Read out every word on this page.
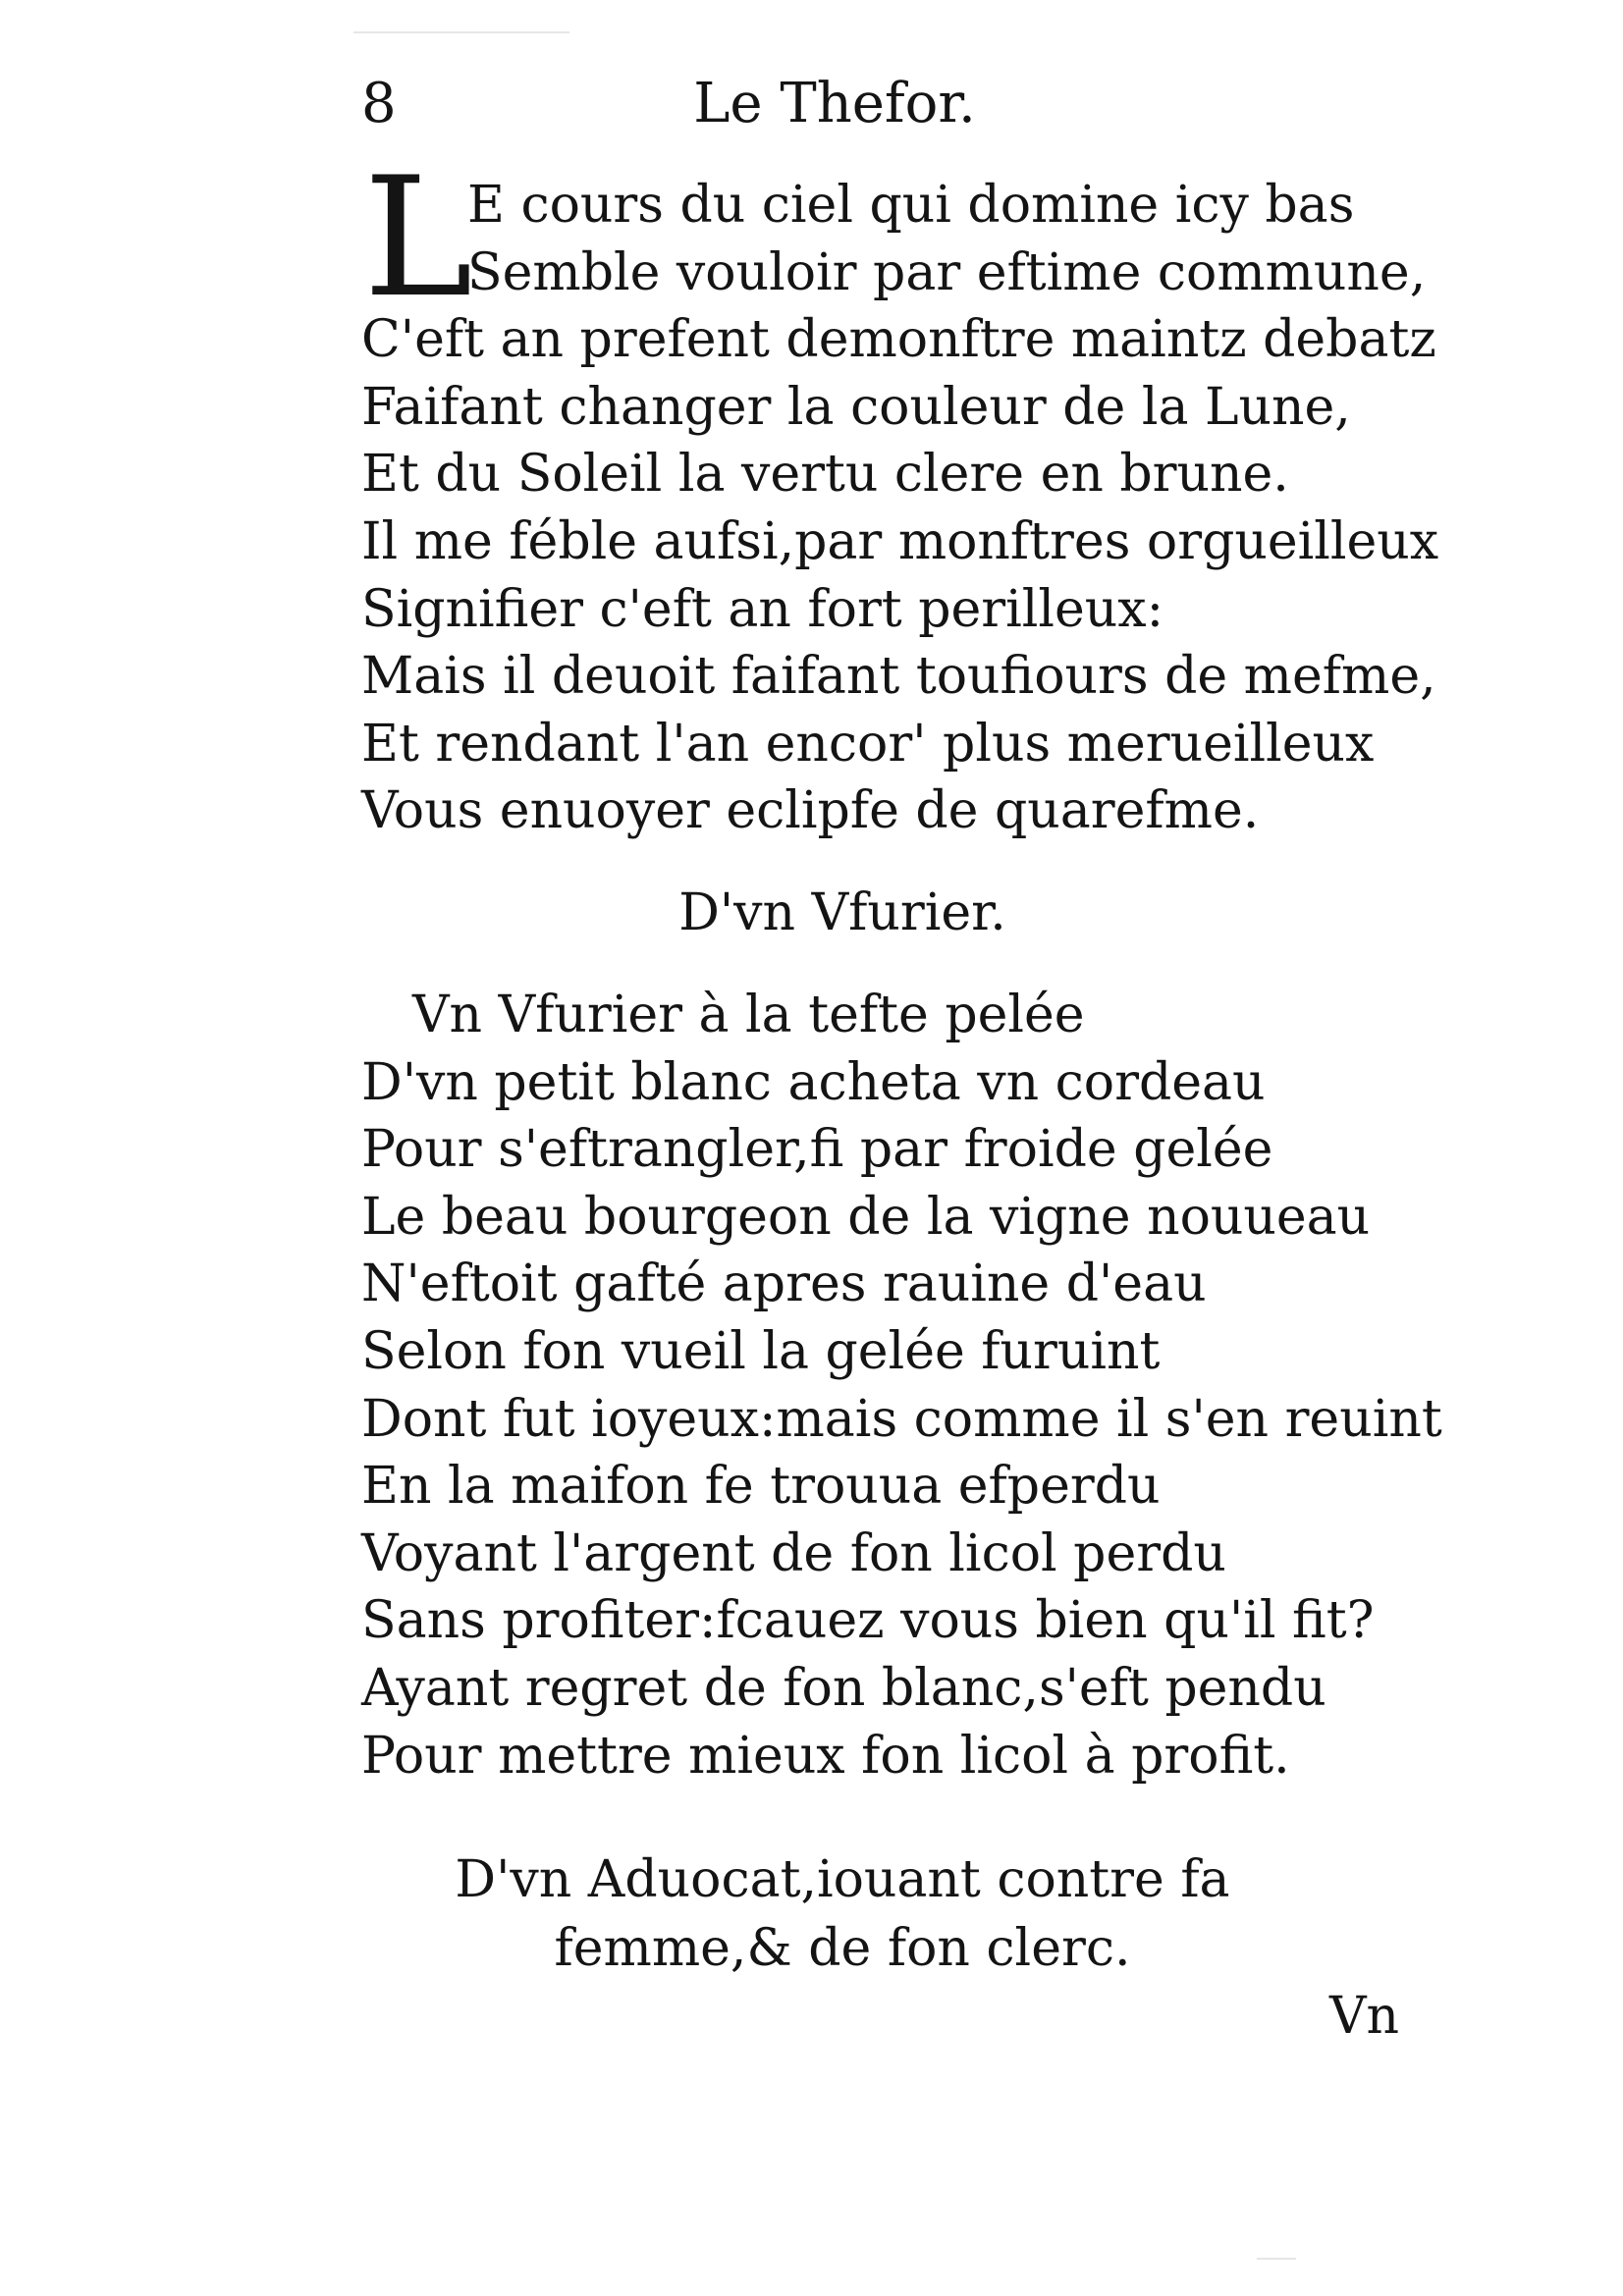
8	Le Thefor.
L
E cours du ciel qui domine icy bas
Semble vouloir par eftime commune,
C'eft an prefent demonftre maintz debatz
Faifant changer la couleur de la Lune,
Et du Soleil la vertu clere en brune.
Il me féble aufsi,par monftres orgueilleux
Signifier c'eft an fort perilleux:
Mais il deuoit faifant toufiours de mefme,
Et rendant l'an encor' plus merueilleux
Vous enuoyer eclipfe de quarefme.
D'vn Vfurier.
Vn Vfurier à la tefte pelée
D'vn petit blanc acheta vn cordeau
Pour s'eftrangler,fi par froide gelée
Le beau bourgeon de la vigne nouueau
N'eftoit gafté apres rauine d'eau
Selon fon vueil la gelée furuint
Dont fut ioyeux:mais comme il s'en reuint
En la maifon fe trouua efperdu
Voyant l'argent de fon licol perdu
Sans profiter:fcauez vous bien qu'il fit?
Ayant regret de fon blanc,s'eft pendu
Pour mettre mieux fon licol à profit.
D'vn Aduocat,iouant contre fa
femme,& de fon clerc.
Vn
